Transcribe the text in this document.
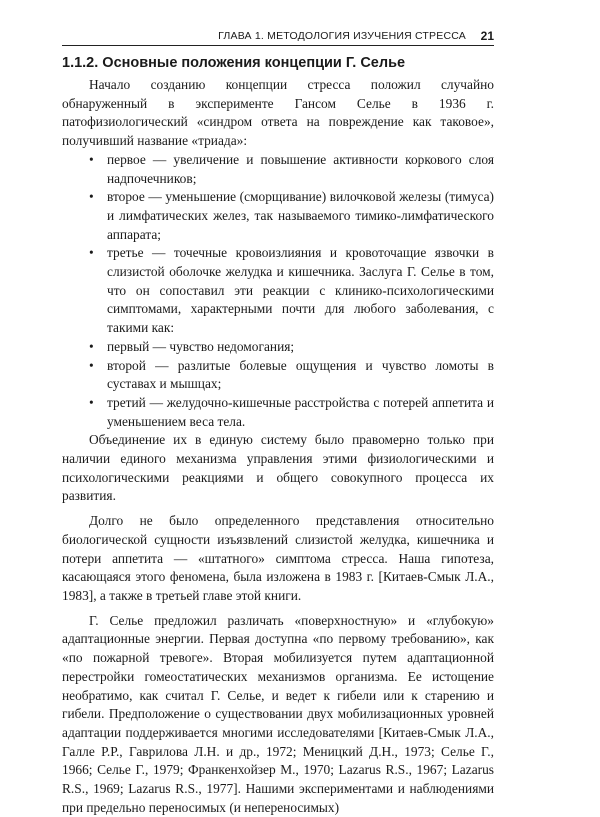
ГЛАВА 1. МЕТОДОЛОГИЯ ИЗУЧЕНИЯ СТРЕССА	21
1.1.2. Основные положения концепции Г. Селье

Начало созданию концепции стресса положил случайно обнаруженный в эксперименте Гансом Селье в 1936 г. патофизиологический «синдром ответа на повреждение как таковое», получивший название «триада»:

• первое — увеличение и повышение активности коркового слоя надпочечников;
• второе — уменьшение (сморщивание) вилочковой железы (тимуса) и лимфатических желез, так называемого тимико-лимфатического аппарата;
• третье — точечные кровоизлияния и кровоточащие язвочки в слизистой оболочке желудка и кишечника. Заслуга Г. Селье в том, что он сопоставил эти реакции с клинико-психологическими симптомами, характерными почти для любого заболевания, с такими как:
• первый — чувство недомогания;
• второй — разлитые болевые ощущения и чувство ломоты в суставах и мышцах;
• третий — желудочно-кишечные расстройства с потерей аппетита и уменьшением веса тела.

Объединение их в единую систему было правомерно только при наличии единого механизма управления этими физиологическими и психологическими реакциями и общего совокупного процесса их развития.

Долго не было определенного представления относительно биологической сущности изъязвлений слизистой желудка, кишечника и потери аппетита — «штатного» симптома стресса. Наша гипотеза, касающаяся этого феномена, была изложена в 1983 г. [Китаев-Смык Л.А., 1983], а также в третьей главе этой книги.

Г. Селье предложил различать «поверхностную» и «глубокую» адаптационные энергии. Первая доступна «по первому требованию», как «по пожарной тревоге». Вторая мобилизуется путем адаптационной перестройки гомеостатических механизмов организма. Ее истощение необратимо, как считал Г. Селье, и ведет к гибели или к старению и гибели. Предположение о существовании двух мобилизационных уровней адаптации поддерживается многими исследователями [Китаев-Смык Л.А., Галле Р.Р., Гаврилова Л.Н. и др., 1972; Меницкий Д.Н., 1973; Селье Г., 1966; Селье Г., 1979; Франкенхойзер М., 1970; Lazarus R.S., 1967; Lazarus R.S., 1969; Lazarus R.S., 1977]. Нашими экспериментами и наблюдениями при предельно переносимых (и непереносимых)
